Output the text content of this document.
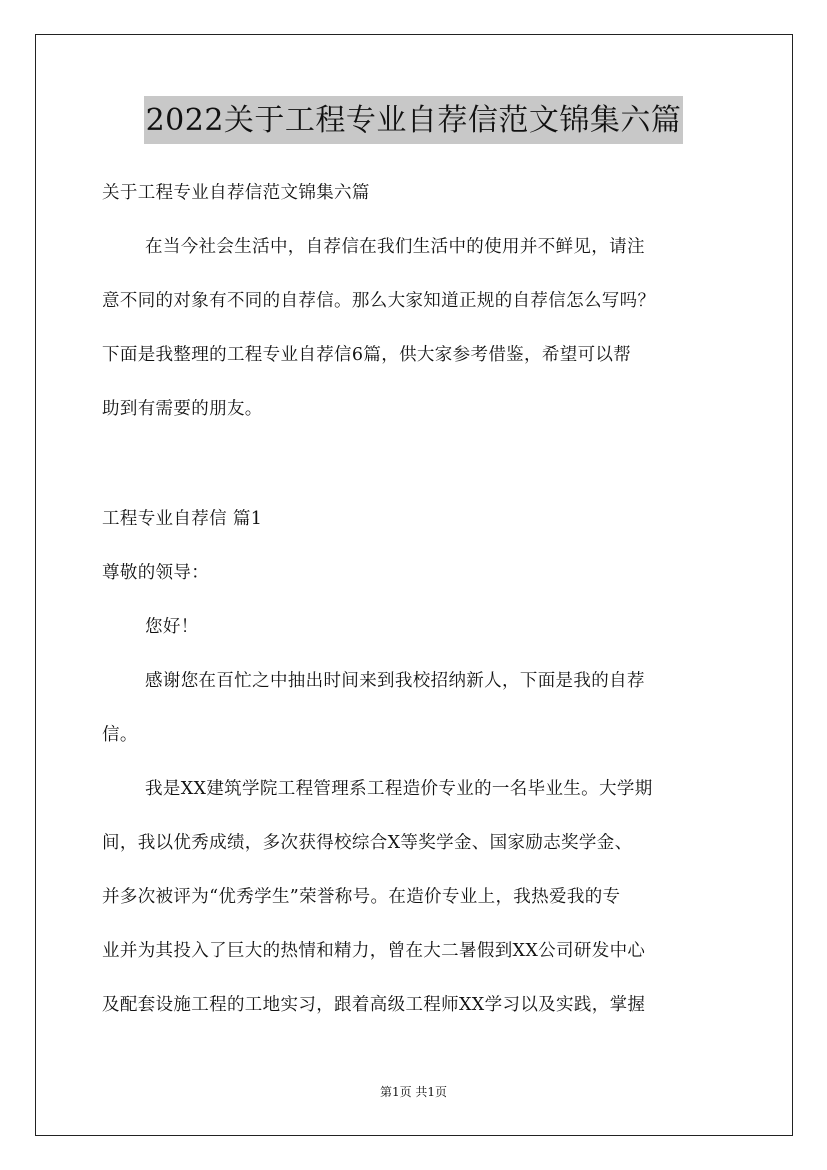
2022关于工程专业自荐信范文锦集六篇
关于工程专业自荐信范文锦集六篇
在当今社会生活中，自荐信在我们生活中的使用并不鲜见，请注
意不同的对象有不同的自荐信。那么大家知道正规的自荐信怎么写吗？
下面是我整理的工程专业自荐信6篇，供大家参考借鉴，希望可以帮
助到有需要的朋友。
工程专业自荐信 篇1
尊敬的领导：
您好！
感谢您在百忙之中抽出时间来到我校招纳新人，下面是我的自荐
信。
我是XX建筑学院工程管理系工程造价专业的一名毕业生。大学期
间，我以优秀成绩，多次获得校综合X等奖学金、国家励志奖学金、
并多次被评为“优秀学生”荣誉称号。在造价专业上，我热爱我的专
业并为其投入了巨大的热情和精力，曾在大二暑假到XX公司研发中心
及配套设施工程的工地实习，跟着高级工程师XX学习以及实践，掌握
第1页 共1页
